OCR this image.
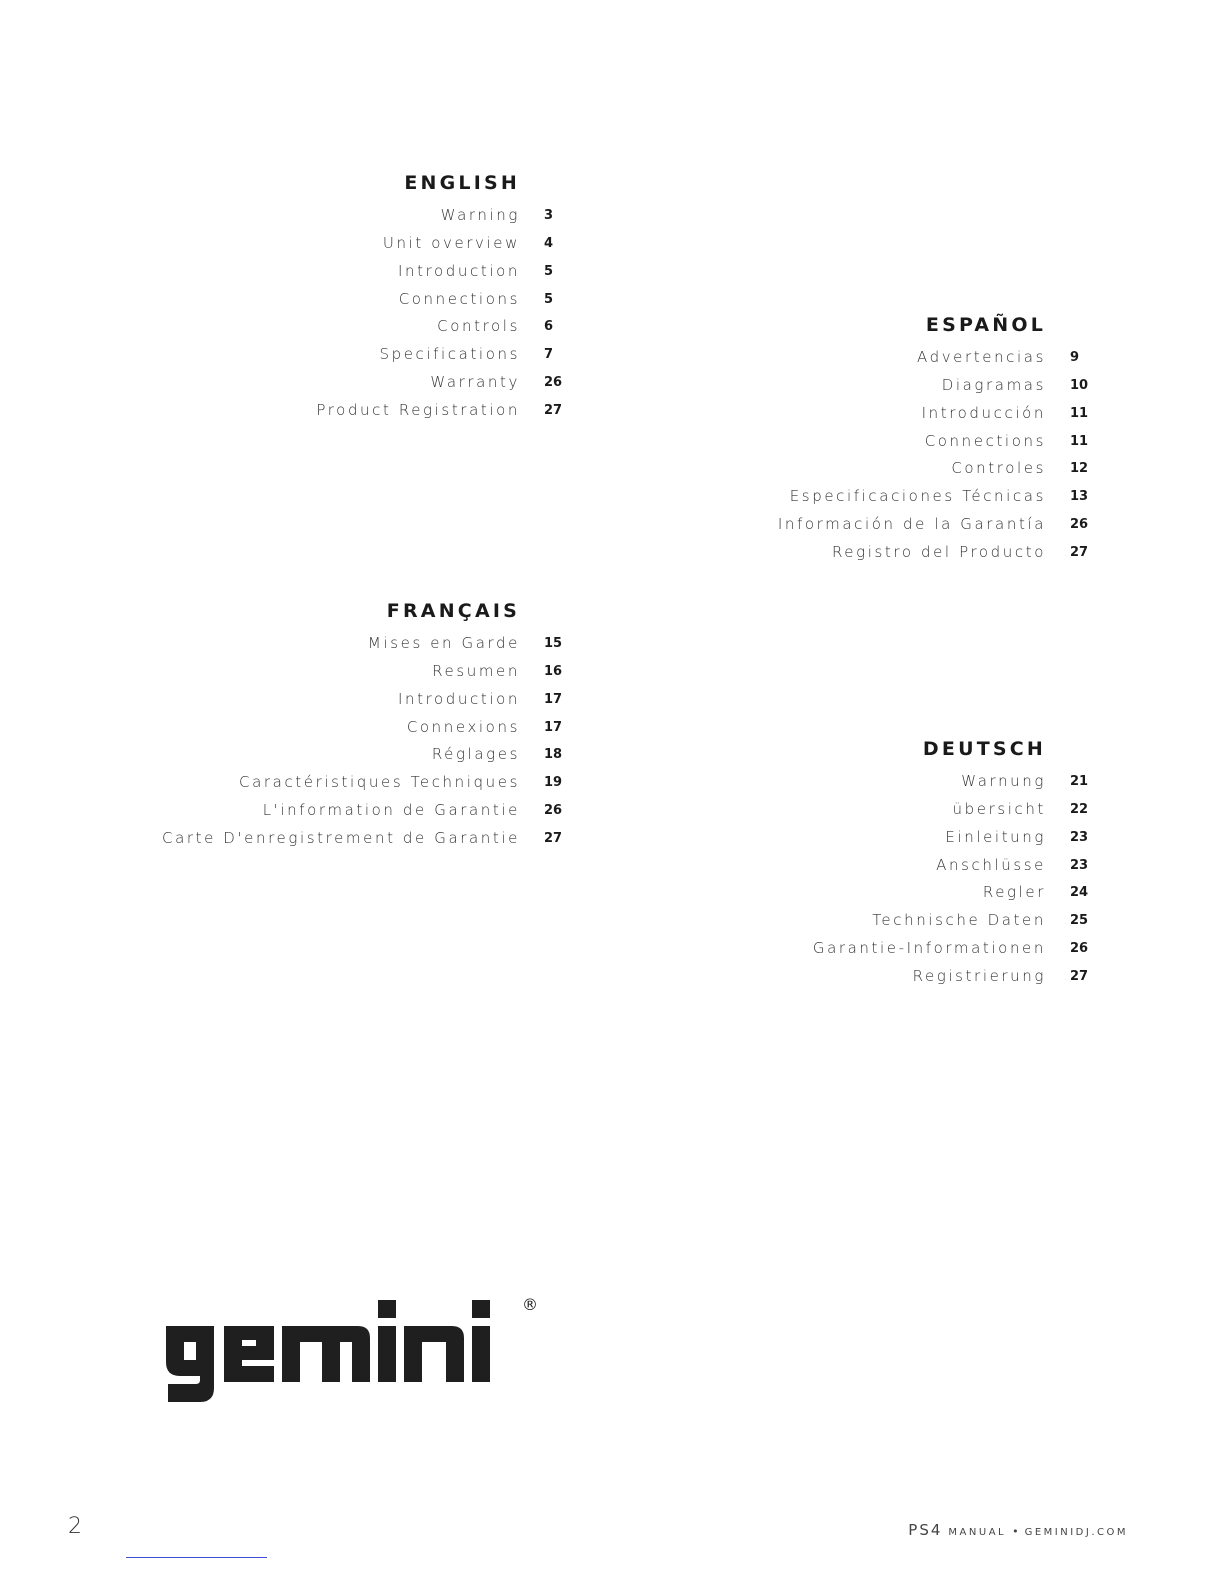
ENGLISH
Warning 3
Unit overview 4
Introduction 5
Connections 5
Controls 6
Specifications 7
Warranty 26
Product Registration 27
ESPAÑOL
Advertencias 9
Diagramas 10
Introducción 11
Connections 11
Controles 12
Especificaciones Técnicas 13
Información de la Garantía 26
Registro del Producto 27
FRANÇAIS
Mises en Garde 15
Resumen 16
Introduction 17
Connexions 17
Réglages 18
Caractéristiques Techniques 19
L'information de Garantie 26
Carte D'enregistrement de Garantie 27
DEUTSCH
Warnung 21
übersicht 22
Einleitung 23
Anschlüsse 23
Regler 24
Technische Daten 25
Garantie-Informationen 26
Registrierung 27
®
2	PS4 MANUAL • GEMINIDJ.COM
